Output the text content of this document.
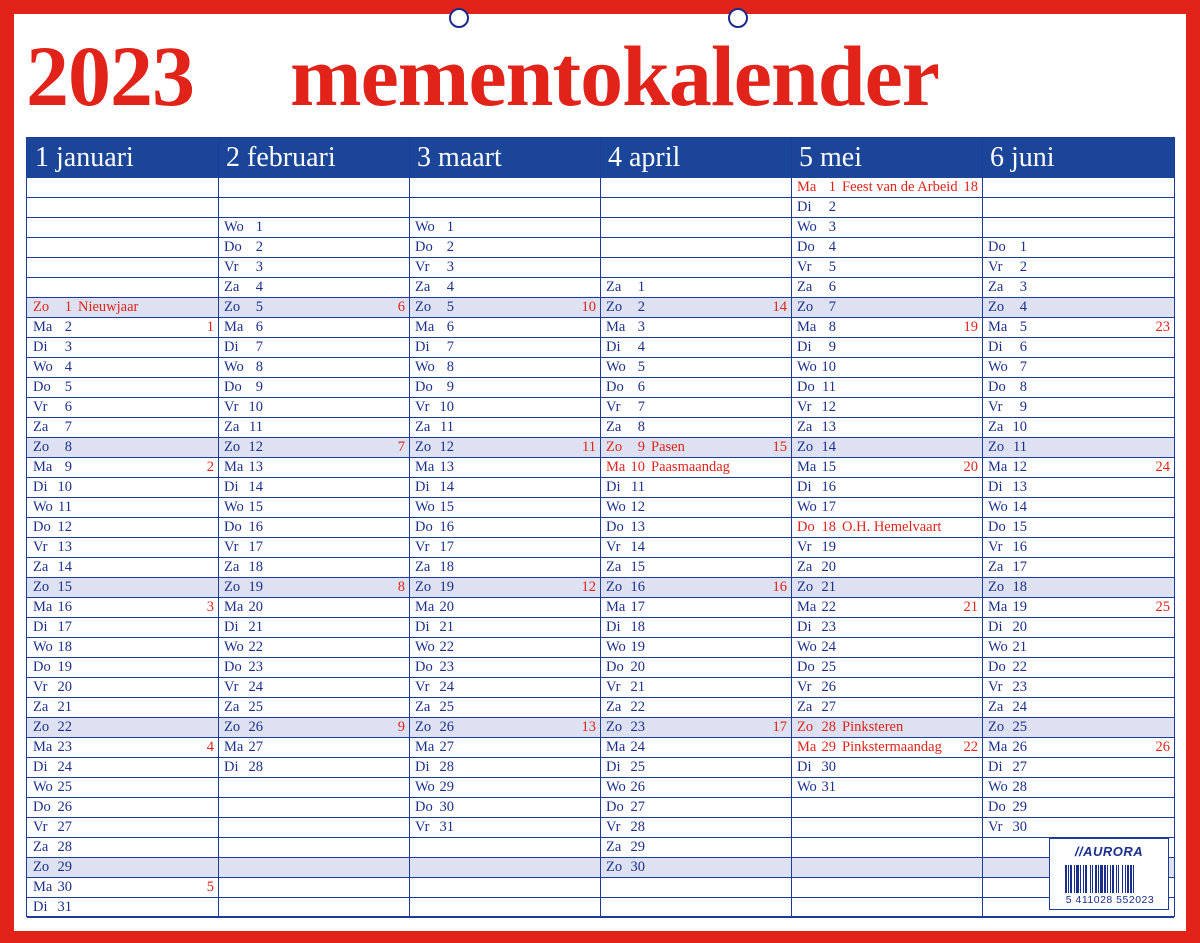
2023 mementokalender
1 januari
Zo	1 Nieuwjaar
Ma 2	1
Di	3
Wo 4
Do 5
Vr	6
Za	7
Zo	8
Ma 9	2
Di 10
Wo 11
Do 12
Vr 13
Za 14
Zo 15
Ma 16	3
Di 17
Wo 18
Do 19
Vr 20
Za 21
Zo 22
Ma 23	4
Di 24
Wo 25
Do 26
Vr 27
Za 28
Zo 29
Ma 30	5
Di 31
2 februari
Wo 1
Do 2
Vr	3
Za	4
Zo	5	6
Ma 6
Di	7
Wo 8
Do 9
Vr 10
Za 11
Zo 12	7
Ma 13
Di 14
Wo 15
Do 16
Vr 17
Za 18
Zo 19	8
Ma 20
Di 21
Wo 22
Do 23
Vr 24
Za 25
Zo 26	9
Ma 27
Di 28
3 maart
Wo 1
Do 2
Vr	3
Za	4
Zo	5	10
Ma 6
Di	7
Wo 8
Do 9
Vr 10
Za 11
Zo 12	11
Ma 13
Di 14
Wo 15
Do 16
Vr 17
Za 18
Zo 19	12
Ma 20
Di 21
Wo 22
Do 23
Vr 24
Za 25
Zo 26	13
Ma 27
Di 28
Wo 29
Do 30
Vr 31
4 april
Za	1
Zo	2	14
Ma 3
Di	4
Wo 5
Do 6
Vr	7
Za	8
Zo	9 Pasen	15
Ma 10 Paasmaandag
Di 11
Wo 12
Do 13
Vr 14
Za 15
Zo 16	16
Ma 17
Di 18
Wo 19
Do 20
Vr 21
Za 22
Zo 23	17
Ma 24
Di 25
Wo 26
Do 27
Vr 28
Za 29
Zo 30
5 mei
Ma 1 Feest van de Arbeid 18
Di	2
Wo 3
Do 4
Vr	5
Za	6
Zo	7
Ma 8	19
Di	9
Wo 10
Do 11
Vr 12
Za 13
Zo 14
Ma 15	20
Di 16
Wo 17
Do 18 O.H. Hemelvaart
Vr 19
Za 20
Zo 21
Ma 22	21
Di 23
Wo 24
Do 25
Vr 26
Za 27
Zo 28 Pinksteren
Ma 29 Pinkstermaandag 22
Di 30
Wo 31
6 juni
Do 1
Vr	2
Za	3
Zo	4
Ma 5	23
Di	6
Wo 7
Do 8
Vr	9
Za 10
Zo 11
Ma 12	24
Di 13
Wo 14
Do 15
Vr 16
Za 17
Zo 18
Ma 19	25
Di 20
Wo 21
Do 22
Vr 23
Za 24
Zo 25
Ma 26	26
Di 27
Wo 28
Do 29
Vr 30
//AURORA
5 411028 552023
